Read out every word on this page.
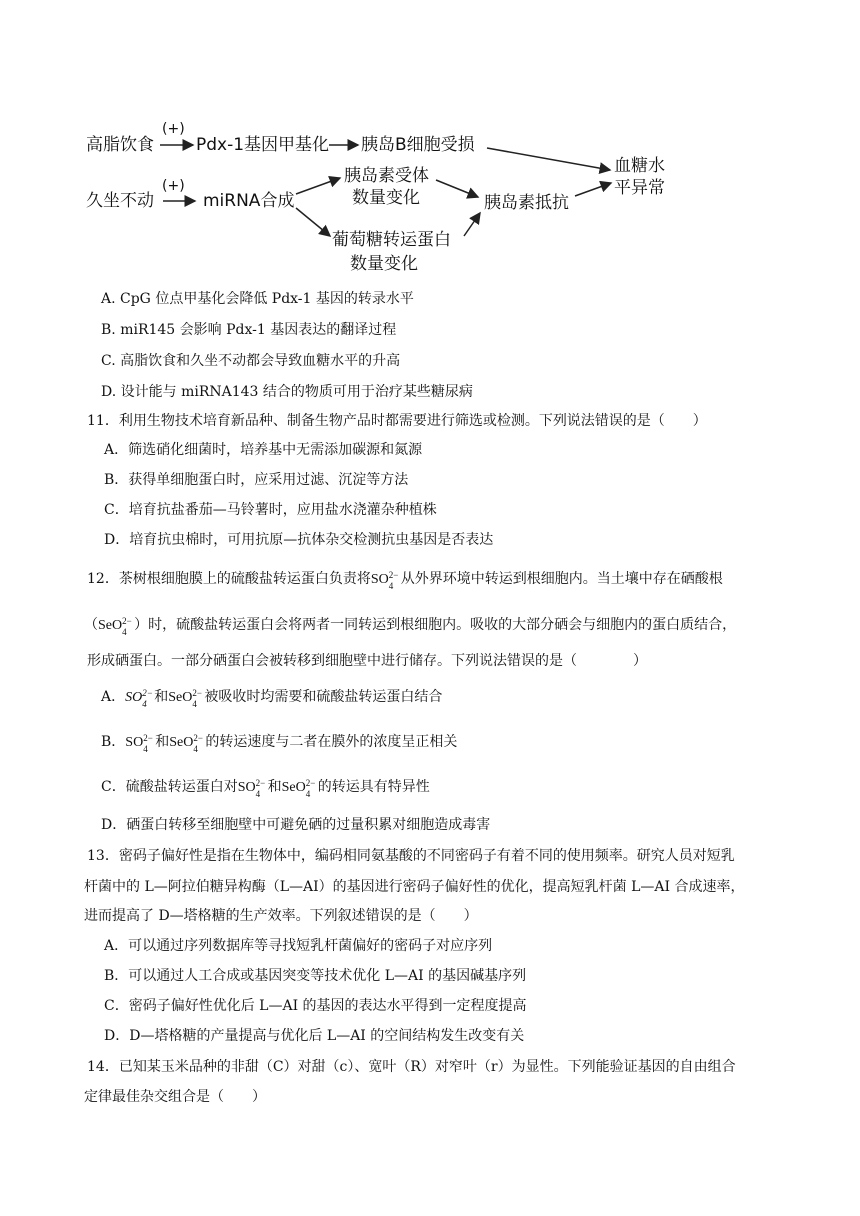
高脂饮食
(+)
Pdx-1基因甲基化 胰岛B细胞受损
血糖水
平异常
久坐不动
(+)
miRNA合成
胰岛素受体
数量变化	胰岛素抵抗
葡萄糖转运蛋白
数量变化
A. CpG 位点甲基化会降低 Pdx-1 基因的转录水平
B. miR145 会影响 Pdx-1 基因表达的翻译过程
C. 高脂饮食和久坐不动都会导致血糖水平的升高
D. 设计能与 miRNA143 结合的物质可用于治疗某些糖尿病
11．利用生物技术培育新品种、制备生物产品时都需要进行筛选或检测。下列说法错误的是（　　）
A．筛选硝化细菌时，培养基中无需添加碳源和氮源
B．获得单细胞蛋白时，应采用过滤、沉淀等方法
C．培育抗盐番茄—马铃薯时，应用盐水浇灌杂种植株
D．培育抗虫棉时，可用抗原—抗体杂交检测抗虫基因是否表达
12．茶树根细胞膜上的硫酸盐转运蛋白负责将SO 2−
4 从外界环境中转运到根细胞内。当土壤中存在硒酸根
（SeO 2−
4 ）时，硫酸盐转运蛋白会将两者一同转运到根细胞内。吸收的大部分硒会与细胞内的蛋白质结合，
形成硒蛋白。一部分硒蛋白会被转移到细胞壁中进行储存。下列说法错误的是（　　　　）
A．SO 2−
4 和SeO 2−
4 被吸收时均需要和硫酸盐转运蛋白结合
B．SO 2−
4 和SeO 2−
4 的转运速度与二者在膜外的浓度呈正相关
C．硫酸盐转运蛋白对SO 2−
4 和SeO 2−
4 的转运具有特异性
D．硒蛋白转移至细胞壁中可避免硒的过量积累对细胞造成毒害
13．密码子偏好性是指在生物体中，编码相同氨基酸的不同密码子有着不同的使用频率。研究人员对短乳
杆菌中的 L—阿拉伯糖异构酶（L—AI）的基因进行密码子偏好性的优化，提高短乳杆菌 L—AI 合成速率，
进而提高了 D—塔格糖的生产效率。下列叙述错误的是（　　）
A．可以通过序列数据库等寻找短乳杆菌偏好的密码子对应序列
B．可以通过人工合成或基因突变等技术优化 L—AI 的基因碱基序列
C．密码子偏好性优化后 L—AI 的基因的表达水平得到一定程度提高
D．D—塔格糖的产量提高与优化后 L—AI 的空间结构发生改变有关
14．已知某玉米品种的非甜（C）对甜（c）、宽叶（R）对窄叶（r）为显性。下列能验证基因的自由组合
定律最佳杂交组合是（　　）
